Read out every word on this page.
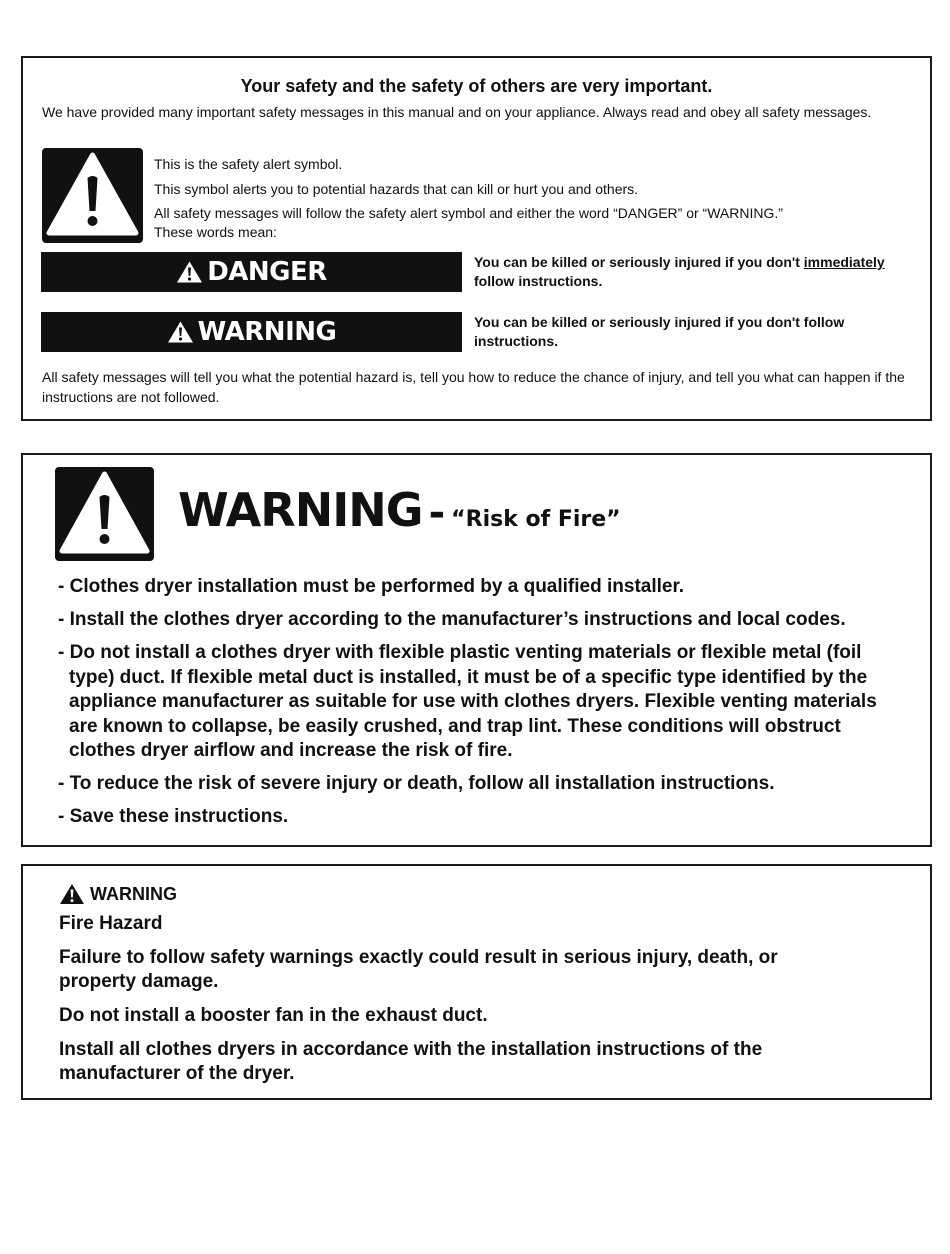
Your safety and the safety of others are very important.
We have provided many important safety messages in this manual and on your appliance. Always read and obey all safety messages.
This is the safety alert symbol.
This symbol alerts you to potential hazards that can kill or hurt you and others.
All safety messages will follow the safety alert symbol and either the word “DANGER” or “WARNING.”
These words mean:
DANGER	You can be killed or seriously injured if you don't immediately follow instructions.
WARNING	You can be killed or seriously injured if you don't follow instructions.
All safety messages will tell you what the potential hazard is, tell you how to reduce the chance of injury, and tell you what can happen if the instructions are not followed.
WARNING - “Risk of Fire”
- Clothes dryer installation must be performed by a qualified installer.
- Install the clothes dryer according to the manufacturer’s instructions and local codes.
- Do not install a clothes dryer with flexible plastic venting materials or flexible metal (foil type) duct. If flexible metal duct is installed, it must be of a specific type identified by the appliance manufacturer as suitable for use with clothes dryers. Flexible venting materials are known to collapse, be easily crushed, and trap lint. These conditions will obstruct clothes dryer airflow and increase the risk of fire.
- To reduce the risk of severe injury or death, follow all installation instructions.
- Save these instructions.
WARNING

Fire Hazard

Failure to follow safety warnings exactly could result in serious injury, death, or property damage.

Do not install a booster fan in the exhaust duct.

Install all clothes dryers in accordance with the installation instructions of the manufacturer of the dryer.
